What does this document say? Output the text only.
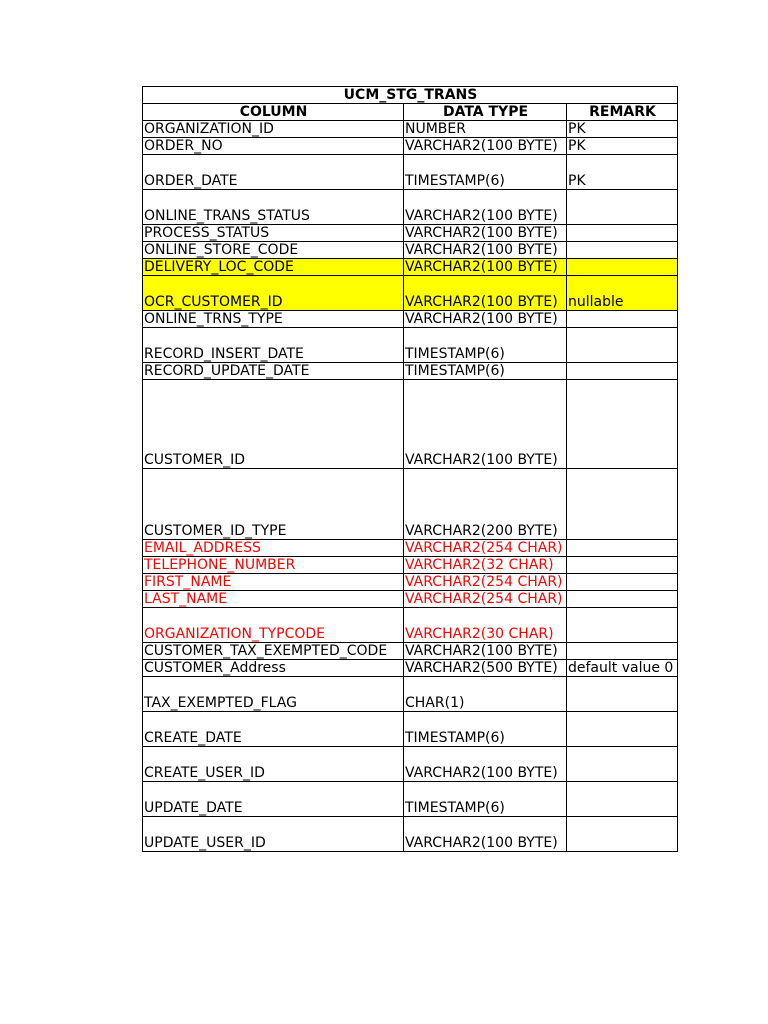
UCM_STG_TRANS		
COLUMN	DATA TYPE	REMARK
ORGANIZATION_ID	NUMBER	PK
ORDER_NO	VARCHAR2(100 BYTE)	PK
ORDER_DATE	TIMESTAMP(6)	PK
ONLINE_TRANS_STATUS	VARCHAR2(100 BYTE)	
PROCESS_STATUS	VARCHAR2(100 BYTE)	
ONLINE_STORE_CODE	VARCHAR2(100 BYTE)	
DELIVERY_LOC_CODE	VARCHAR2(100 BYTE)	
OCR_CUSTOMER_ID	VARCHAR2(100 BYTE)	nullable
ONLINE_TRNS_TYPE	VARCHAR2(100 BYTE)	
RECORD_INSERT_DATE	TIMESTAMP(6)	
RECORD_UPDATE_DATE	TIMESTAMP(6)	
CUSTOMER_ID	VARCHAR2(100 BYTE)	
CUSTOMER_ID_TYPE	VARCHAR2(200 BYTE)	
EMAIL_ADDRESS	VARCHAR2(254 CHAR)	
TELEPHONE_NUMBER	VARCHAR2(32 CHAR)	
FIRST_NAME	VARCHAR2(254 CHAR)	
LAST_NAME	VARCHAR2(254 CHAR)	
ORGANIZATION_TYPCODE	VARCHAR2(30 CHAR)	
CUSTOMER_TAX_EXEMPTED_CODE	VARCHAR2(100 BYTE)	
CUSTOMER_Address	VARCHAR2(500 BYTE)	default value 0
TAX_EXEMPTED_FLAG	CHAR(1)	
CREATE_DATE	TIMESTAMP(6)	
CREATE_USER_ID	VARCHAR2(100 BYTE)	
UPDATE_DATE	TIMESTAMP(6)	
UPDATE_USER_ID	VARCHAR2(100 BYTE)	
